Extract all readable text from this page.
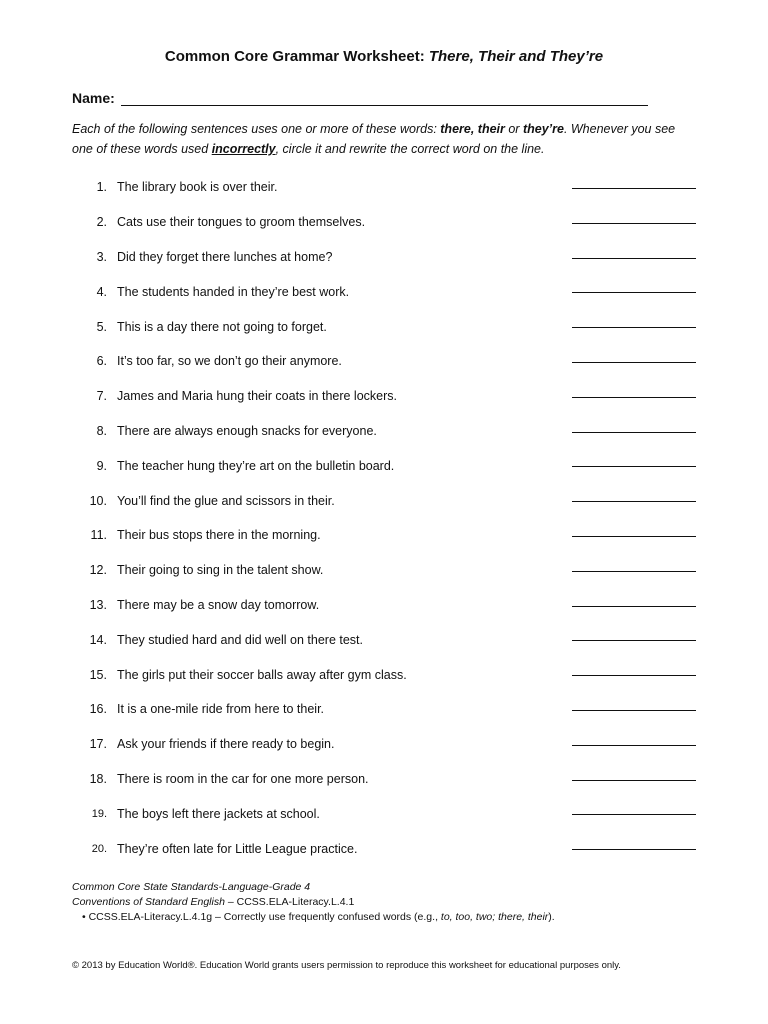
Common Core Grammar Worksheet: There, Their and They’re
Name:
Each of the following sentences uses one or more of these words: there, their or they’re. Whenever you see one of these words used incorrectly, circle it and rewrite the correct word on the line.
1. The library book is over their.
2. Cats use their tongues to groom themselves.
3. Did they forget there lunches at home?
4. The students handed in they’re best work.
5. This is a day there not going to forget.
6. It’s too far, so we don’t go their anymore.
7. James and Maria hung their coats in there lockers.
8. There are always enough snacks for everyone.
9. The teacher hung they’re art on the bulletin board.
10. You’ll find the glue and scissors in their.
11. Their bus stops there in the morning.
12. Their going to sing in the talent show.
13. There may be a snow day tomorrow.
14. They studied hard and did well on there test.
15. The girls put their soccer balls away after gym class.
16. It is a one-mile ride from here to their.
17. Ask your friends if there ready to begin.
18. There is room in the car for one more person.
19. The boys left there jackets at school.
20. They’re often late for Little League practice.
Common Core State Standards-Language-Grade 4
Conventions of Standard English – CCSS.ELA-Literacy.L.4.1
• CCSS.ELA-Literacy.L.4.1g – Correctly use frequently confused words (e.g., to, too, two; there, their).
© 2013 by Education World®. Education World grants users permission to reproduce this worksheet for educational purposes only.
